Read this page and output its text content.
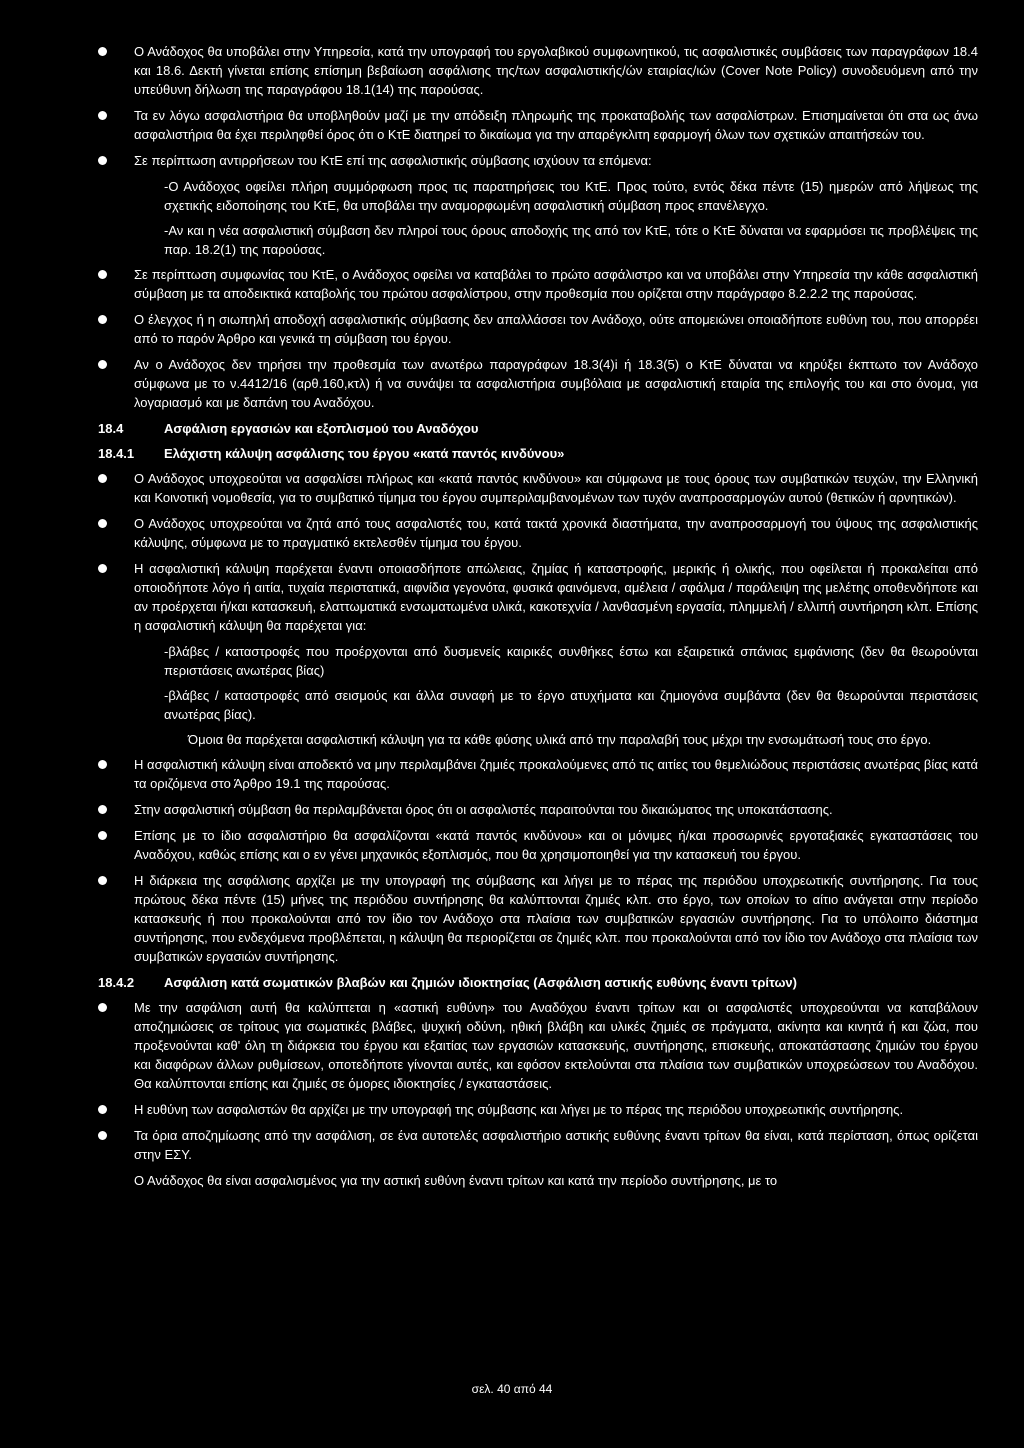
Ο Ανάδοχος θα υποβάλει στην Υπηρεσία, κατά την υπογραφή του εργολαβικού συμφωνητικού, τις ασφαλιστικές συμβάσεις των παραγράφων 18.4 και 18.6. Δεκτή γίνεται επίσης επίσημη βεβαίωση ασφάλισης της/των ασφαλιστικής/ών εταιρίας/ιών (Cover Note Policy) συνοδευόμενη από την υπεύθυνη δήλωση της παραγράφου 18.1(14) της παρούσας.
Τα εν λόγω ασφαλιστήρια θα υποβληθούν μαζί με την απόδειξη πληρωμής της προκαταβολής των ασφαλίστρων. Επισημαίνεται ότι στα ως άνω ασφαλιστήρια θα έχει περιληφθεί όρος ότι ο ΚτΕ διατηρεί το δικαίωμα για την απαρέγκλιτη εφαρμογή όλων των σχετικών απαιτήσεών του.
Σε περίπτωση αντιρρήσεων του ΚτΕ επί της ασφαλιστικής σύμβασης ισχύουν τα επόμενα:
-Ο Ανάδοχος οφείλει πλήρη συμμόρφωση προς τις παρατηρήσεις του ΚτΕ. Προς τούτο, εντός δέκα πέντε (15) ημερών από λήψεως της σχετικής ειδοποίησης του ΚτΕ, θα υποβάλει την αναμορφωμένη ασφαλιστική σύμβαση προς επανέλεγχο.
-Αν και η νέα ασφαλιστική σύμβαση δεν πληροί τους όρους αποδοχής της από τον ΚτΕ, τότε ο ΚτΕ δύναται να εφαρμόσει τις προβλέψεις της παρ. 18.2(1) της παρούσας.
Σε περίπτωση συμφωνίας του ΚτΕ, ο Ανάδοχος οφείλει να καταβάλει το πρώτο ασφάλιστρο και να υποβάλει στην Υπηρεσία την κάθε ασφαλιστική σύμβαση με τα αποδεικτικά καταβολής του πρώτου ασφαλίστρου, στην προθεσμία που ορίζεται στην παράγραφο 8.2.2.2 της παρούσας.
Ο έλεγχος ή η σιωπηλή αποδοχή ασφαλιστικής σύμβασης δεν απαλλάσσει τον Ανάδοχο, ούτε απομειώνει οποιαδήποτε ευθύνη του, που απορρέει από το παρόν Άρθρο και γενικά τη σύμβαση του έργου.
Αν ο Ανάδοχος δεν τηρήσει την προθεσμία των ανωτέρω παραγράφων 18.3(4)i ή 18.3(5) ο ΚτΕ δύναται να κηρύξει έκπτωτο τον Ανάδοχο σύμφωνα με το ν.4412/16 (αρθ.160,κτλ) ή να συνάψει τα ασφαλιστήρια συμβόλαια με ασφαλιστική εταιρία της επιλογής του και στο όνομα, για λογαριασμό και με δαπάνη του Αναδόχου.
18.4	Ασφάλιση εργασιών και εξοπλισμού του Αναδόχου
18.4.1	Ελάχιστη κάλυψη ασφάλισης του έργου «κατά παντός κινδύνου»
Ο Ανάδοχος υποχρεούται να ασφαλίσει πλήρως και «κατά παντός κινδύνου» και σύμφωνα με τους όρους των συμβατικών τευχών, την Ελληνική και Κοινοτική νομοθεσία, για το συμβατικό τίμημα του έργου συμπεριλαμβανομένων των τυχόν αναπροσαρμογών αυτού (θετικών ή αρνητικών).
Ο Ανάδοχος υποχρεούται να ζητά από τους ασφαλιστές του, κατά τακτά χρονικά διαστήματα, την αναπροσαρμογή του ύψους της ασφαλιστικής κάλυψης, σύμφωνα με το πραγματικό εκτελεσθέν τίμημα του έργου.
Η ασφαλιστική κάλυψη παρέχεται έναντι οποιασδήποτε απώλειας, ζημίας ή καταστροφής, μερικής ή ολικής, που οφείλεται ή προκαλείται από οποιοδήποτε λόγο ή αιτία, τυχαία περιστατικά, αιφνίδια γεγονότα, φυσικά φαινόμενα, αμέλεια / σφάλμα / παράλειψη της μελέτης οποθενδήποτε και αν προέρχεται ή/και κατασκευή, ελαττωματικά ενσωματωμένα υλικά, κακοτεχνία / λανθασμένη εργασία, πλημμελή / ελλιπή συντήρηση κλπ. Επίσης η ασφαλιστική κάλυψη θα παρέχεται για:
-βλάβες / καταστροφές που προέρχονται από δυσμενείς καιρικές συνθήκες έστω και εξαιρετικά σπάνιας εμφάνισης (δεν θα θεωρούνται περιστάσεις ανωτέρας βίας)
-βλάβες / καταστροφές από σεισμούς και άλλα συναφή με το έργο ατυχήματα και ζημιογόνα συμβάντα (δεν θα θεωρούνται περιστάσεις ανωτέρας βίας).
Όμοια θα παρέχεται ασφαλιστική κάλυψη για τα κάθε φύσης υλικά από την παραλαβή τους μέχρι την ενσωμάτωσή τους στο έργο.
Η ασφαλιστική κάλυψη είναι αποδεκτό να μην περιλαμβάνει ζημιές προκαλούμενες από τις αιτίες του θεμελιώδους περιστάσεις ανωτέρας βίας κατά τα οριζόμενα στο Άρθρο 19.1 της παρούσας.
Στην ασφαλιστική σύμβαση θα περιλαμβάνεται όρος ότι οι ασφαλιστές παραιτούνται του δικαιώματος της υποκατάστασης.
Επίσης με το ίδιο ασφαλιστήριο θα ασφαλίζονται «κατά παντός κινδύνου» και οι μόνιμες ή/και προσωρινές εργοταξιακές εγκαταστάσεις του Αναδόχου, καθώς επίσης και ο εν γένει μηχανικός εξοπλισμός, που θα χρησιμοποιηθεί για την κατασκευή του έργου.
Η διάρκεια της ασφάλισης αρχίζει με την υπογραφή της σύμβασης και λήγει με το πέρας της περιόδου υποχρεωτικής συντήρησης. Για τους πρώτους δέκα πέντε (15) μήνες της περιόδου συντήρησης θα καλύπτονται ζημιές κλπ. στο έργο, των οποίων το αίτιο ανάγεται στην περίοδο κατασκευής ή που προκαλούνται από τον ίδιο τον Ανάδοχο στα πλαίσια των συμβατικών εργασιών συντήρησης. Για το υπόλοιπο διάστημα συντήρησης, που ενδεχόμενα προβλέπεται, η κάλυψη θα περιορίζεται σε ζημιές κλπ. που προκαλούνται από τον ίδιο τον Ανάδοχο στα πλαίσια των συμβατικών εργασιών συντήρησης.
18.4.2	Ασφάλιση κατά σωματικών βλαβών και ζημιών ιδιοκτησίας (Ασφάλιση αστικής ευθύνης έναντι τρίτων)
Με την ασφάλιση αυτή θα καλύπτεται η «αστική ευθύνη» του Αναδόχου έναντι τρίτων και οι ασφαλιστές υποχρεούνται να καταβάλουν αποζημιώσεις σε τρίτους για σωματικές βλάβες, ψυχική οδύνη, ηθική βλάβη και υλικές ζημιές σε πράγματα, ακίνητα και κινητά ή και ζώα, που προξενούνται καθ' όλη τη διάρκεια του έργου και εξαιτίας των εργασιών κατασκευής, συντήρησης, επισκευής, αποκατάστασης ζημιών του έργου και διαφόρων άλλων ρυθμίσεων, οποτεδήποτε γίνονται αυτές, και εφόσον εκτελούνται στα πλαίσια των συμβατικών υποχρεώσεων του Αναδόχου. Θα καλύπτονται επίσης και ζημιές σε όμορες ιδιοκτησίες / εγκαταστάσεις.
Η ευθύνη των ασφαλιστών θα αρχίζει με την υπογραφή της σύμβασης και λήγει με το πέρας της περιόδου υποχρεωτικής συντήρησης.
Τα όρια αποζημίωσης από την ασφάλιση, σε ένα αυτοτελές ασφαλιστήριο αστικής ευθύνης έναντι τρίτων θα είναι, κατά περίσταση, όπως ορίζεται στην ΕΣΥ.
Ο Ανάδοχος θα είναι ασφαλισμένος για την αστική ευθύνη έναντι τρίτων και κατά την περίοδο συντήρησης, με το
σελ. 40 από 44
